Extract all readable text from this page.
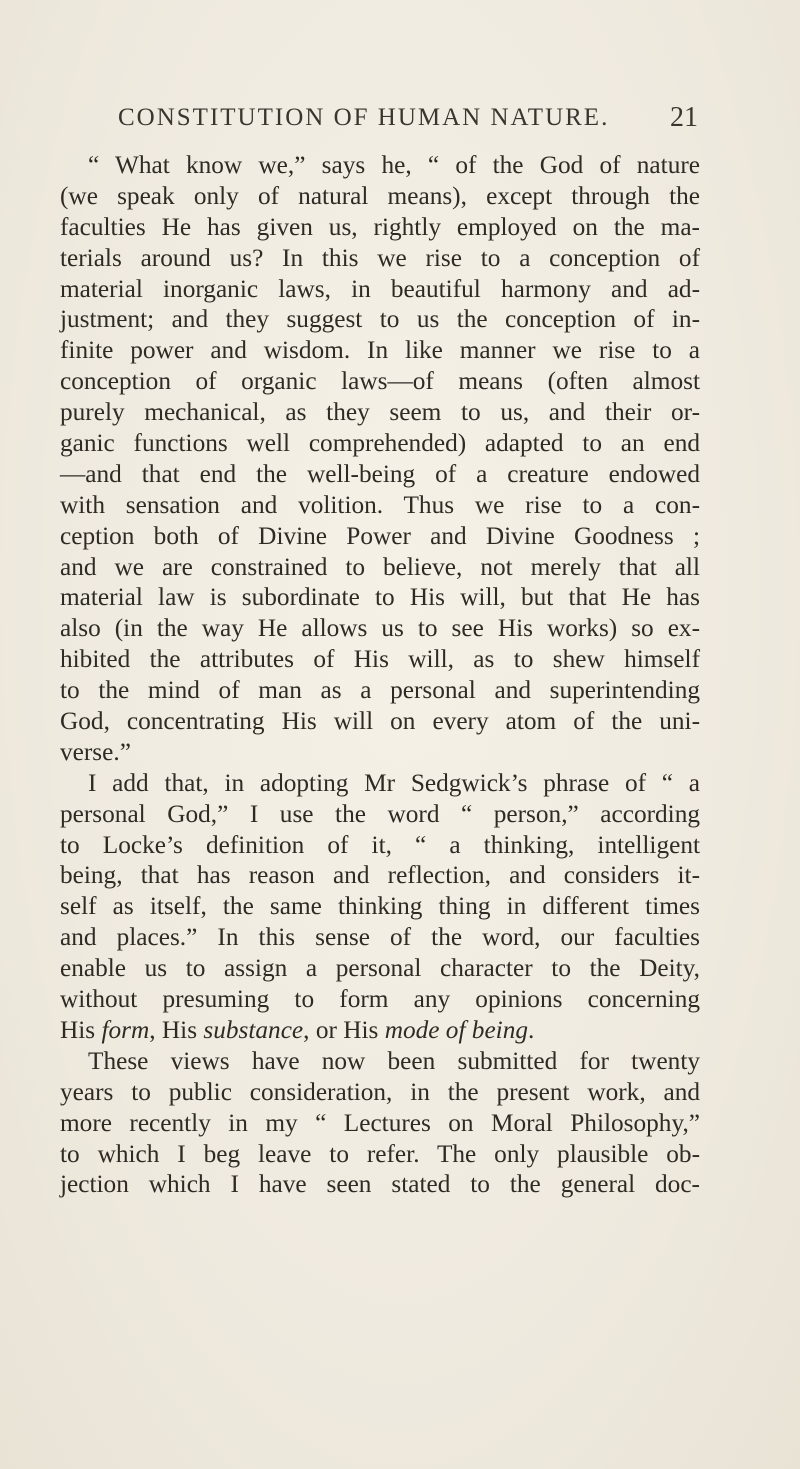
CONSTITUTION OF HUMAN NATURE. 21
“ What know we,” says he, “ of the God of nature
(we speak only of natural means), except through the
faculties He has given us, rightly employed on the ma-
terials around us? In this we rise to a conception of
material inorganic laws, in beautiful harmony and ad-
justment; and they suggest to us the conception of in-
finite power and wisdom. In like manner we rise to a
conception of organic laws—of means (often almost
purely mechanical, as they seem to us, and their or-
ganic functions well comprehended) adapted to an end
—and that end the well-being of a creature endowed
with sensation and volition. Thus we rise to a con-
ception both of Divine Power and Divine Goodness ;
and we are constrained to believe, not merely that all
material law is subordinate to His will, but that He has
also (in the way He allows us to see His works) so ex-
hibited the attributes of His will, as to shew himself
to the mind of man as a personal and superintending
God, concentrating His will on every atom of the uni-
verse.”
I add that, in adopting Mr Sedgwick’s phrase of “ a
personal God,” I use the word “ person,” according
to Locke’s definition of it, “ a thinking, intelligent
being, that has reason and reflection, and considers it-
self as itself, the same thinking thing in different times
and places.” In this sense of the word, our faculties
enable us to assign a personal character to the Deity,
without presuming to form any opinions concerning
His form, His substance, or His mode of being.
These views have now been submitted for twenty
years to public consideration, in the present work, and
more recently in my “ Lectures on Moral Philosophy,”
to which I beg leave to refer. The only plausible ob-
jection which I have seen stated to the general doc-
